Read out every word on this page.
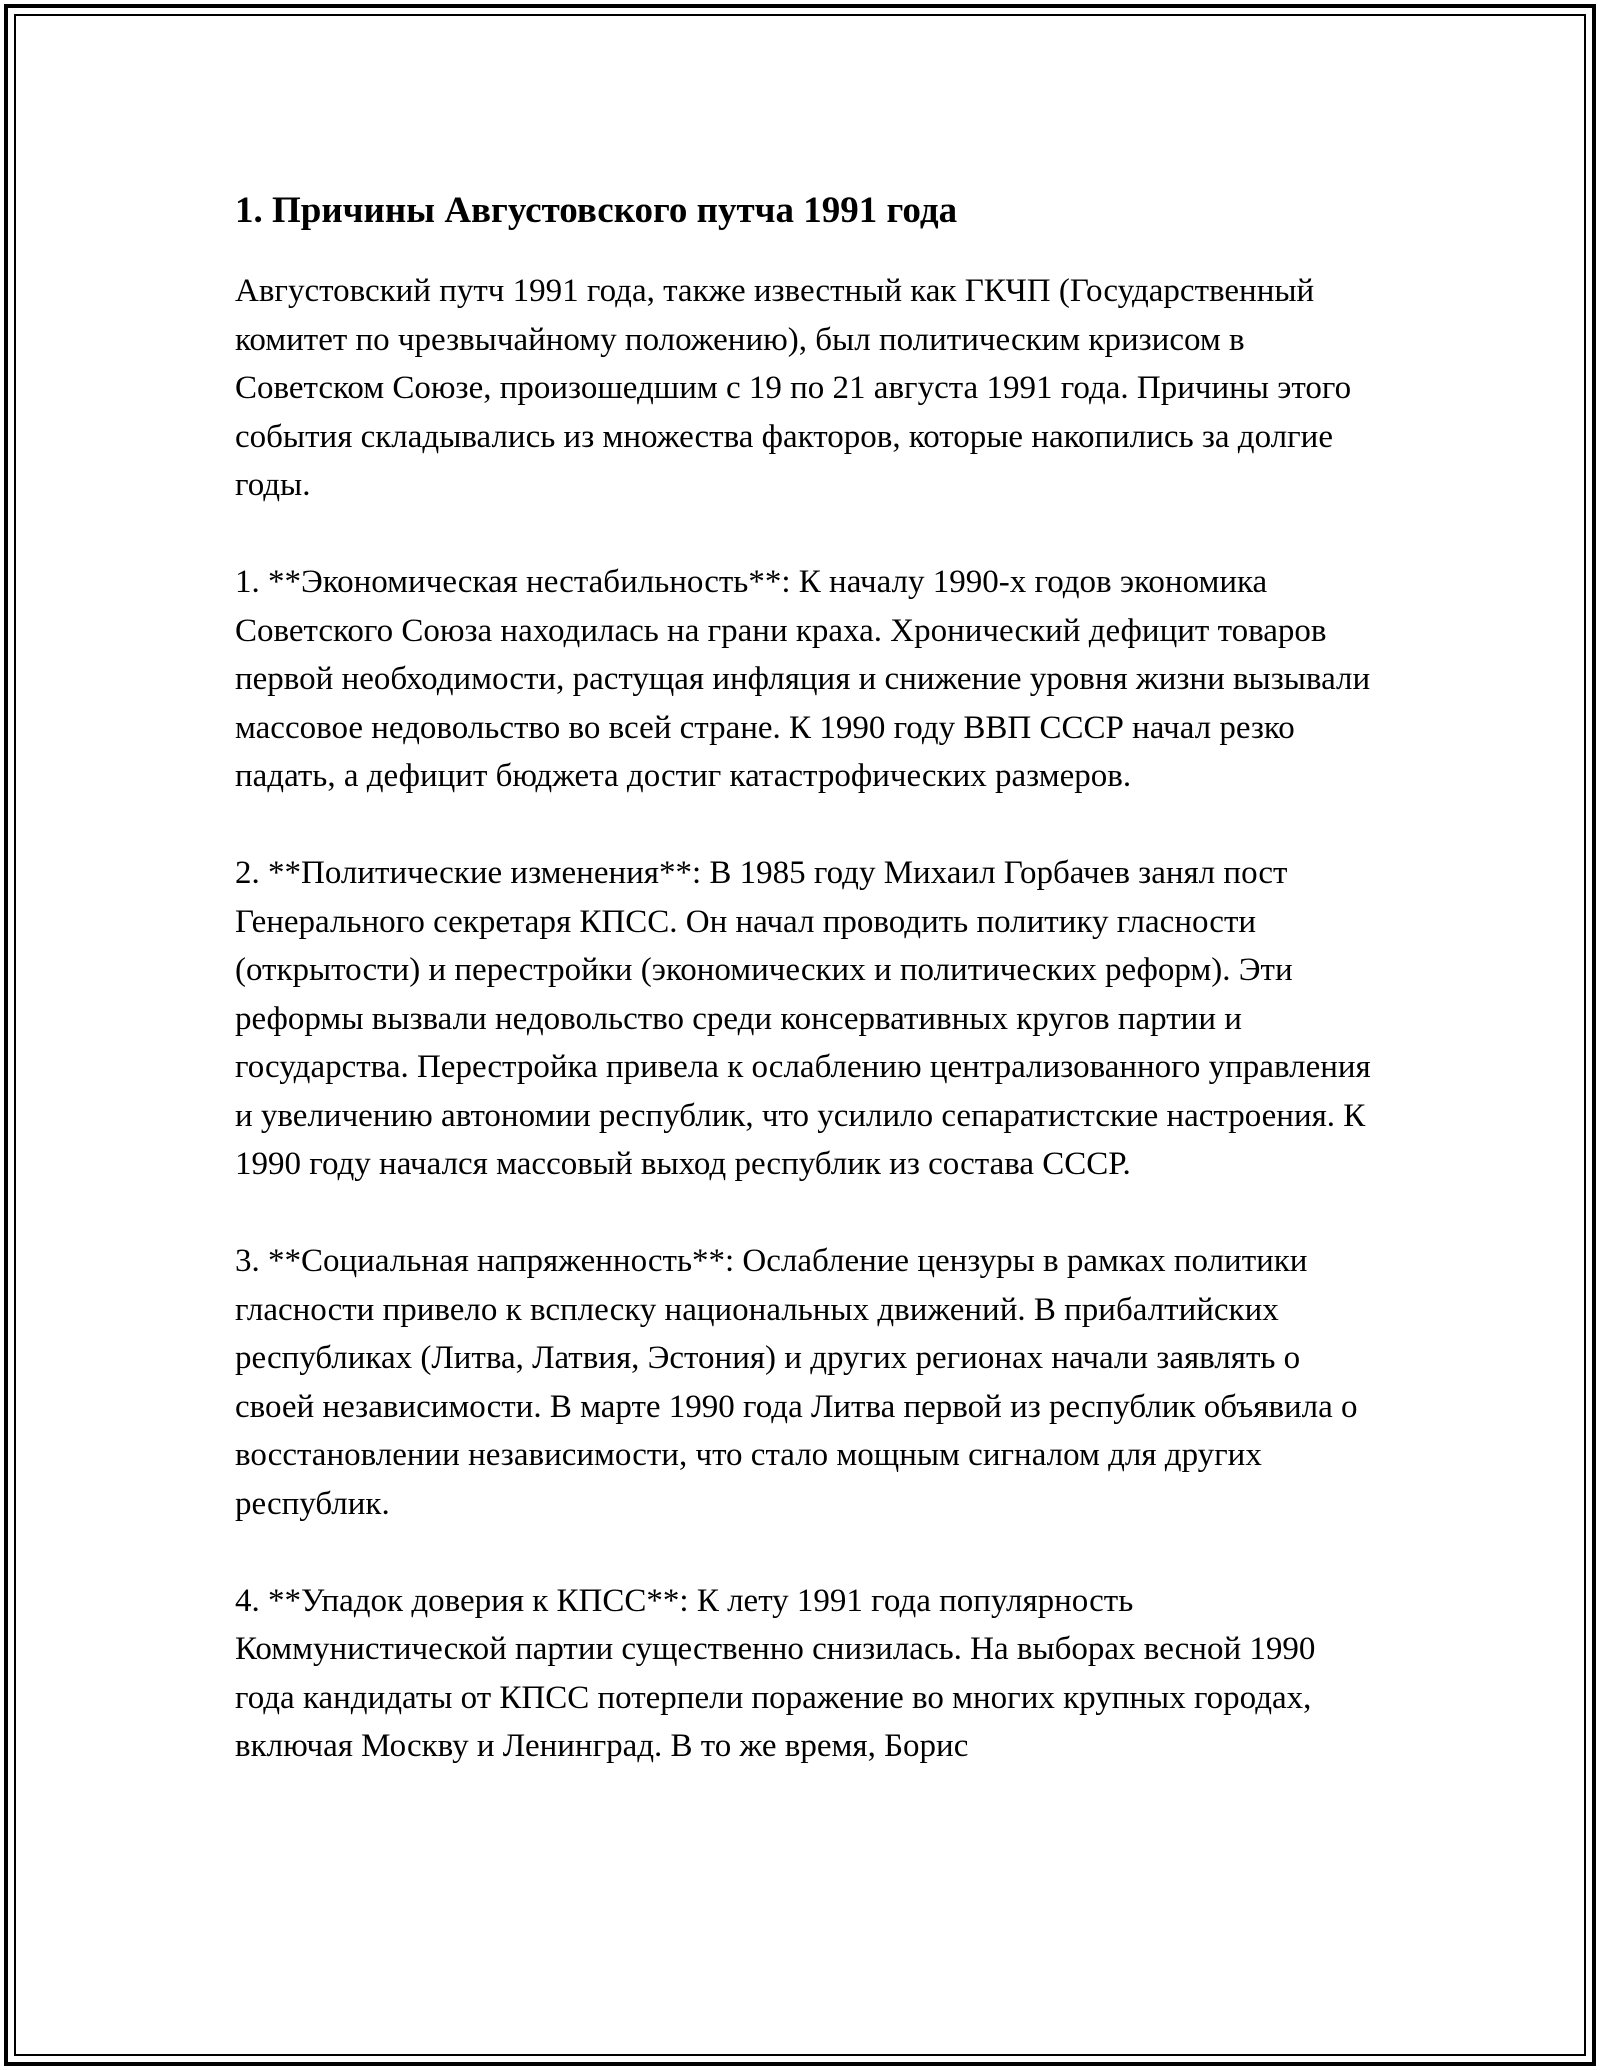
1. Причины Августовского путча 1991 года

Августовский путч 1991 года, также известный как ГКЧП (Государственный комитет по чрезвычайному положению), был политическим кризисом в Советском Союзе, произошедшим с 19 по 21 августа 1991 года. Причины этого события складывались из множества факторов, которые накопились за долгие годы.

1. **Экономическая нестабильность**: К началу 1990-х годов экономика Советского Союза находилась на грани краха. Хронический дефицит товаров первой необходимости, растущая инфляция и снижение уровня жизни вызывали массовое недовольство во всей стране. К 1990 году ВВП СССР начал резко падать, а дефицит бюджета достиг катастрофических размеров.

2. **Политические изменения**: В 1985 году Михаил Горбачев занял пост Генерального секретаря КПСС. Он начал проводить политику гласности (открытости) и перестройки (экономических и политических реформ). Эти реформы вызвали недовольство среди консервативных кругов партии и государства. Перестройка привела к ослаблению централизованного управления и увеличению автономии республик, что усилило сепаратистские настроения. К 1990 году начался массовый выход республик из состава СССР.

3. **Социальная напряженность**: Ослабление цензуры в рамках политики гласности привело к всплеску национальных движений. В прибалтийских республиках (Литва, Латвия, Эстония) и других регионах начали заявлять о своей независимости. В марте 1990 года Литва первой из республик объявила о восстановлении независимости, что стало мощным сигналом для других республик.

4. **Упадок доверия к КПСС**: К лету 1991 года популярность Коммунистической партии существенно снизилась. На выборах весной 1990 года кандидаты от КПСС потерпели поражение во многих крупных городах, включая Москву и Ленинград. В то же время, Борис
